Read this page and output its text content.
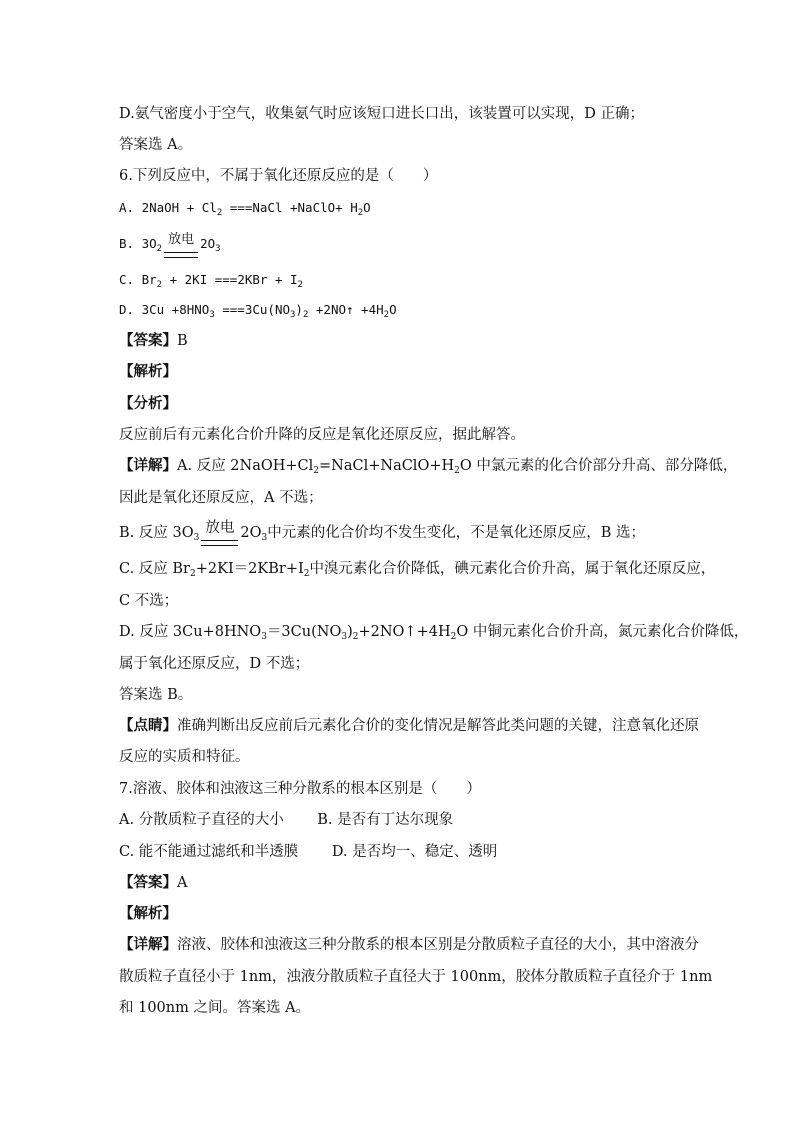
D.氨气密度小于空气，收集氨气时应该短口进长口出，该装置可以实现，D 正确；
答案选 A。
6.下列反应中，不属于氧化还原反应的是（　　）
A. 2NaOH + $Cl_2$ ===NaCl +NaClO+ $H_2O$
B. $3O_2$放电 $2O_3$
C. $Br_2 + 2KI ===2KBr + I_2$
D. $3Cu +8HNO_3 ===3Cu(NO_3)_2$ +2NO↑ $+4H_2O$
【答案】B
【解析】
【分析】
反应前后有元素化合价升降的反应是氧化还原反应，据此解答。
【详解】A. 反应 $2NaOH+Cl_2=NaCl+NaClO+H_2O$ 中氯元素的化合价部分升高、部分降低，
因此是氧化还原反应，A 不选；
B. 反应 $3O_3$放电 $2O_3$中元素的化合价均不发生变化，不是氧化还原反应，B 选；
C. 反应 $Br_2+2KI=2KBr+I_2$中溴元素化合价降低，碘元素化合价升高，属于氧化还原反应，
C 不选；
D. 反应 $3Cu+8HNO_3=3Cu(NO_3)_2+2NO↑+4H_2O$ 中铜元素化合价升高，氮元素化合价降低，
属于氧化还原反应，D 不选；
答案选 B。
【点睛】准确判断出反应前后元素化合价的变化情况是解答此类问题的关键，注意氧化还原
反应的实质和特征。
7.溶液、胶体和浊液这三种分散系的根本区别是（　　）
A. 分散质粒子直径的大小　　 B. 是否有丁达尔现象
C. 能不能通过滤纸和半透膜　　 D. 是否均一、稳定、透明
【答案】A
【解析】
【详解】溶液、胶体和浊液这三种分散系的根本区别是分散质粒子直径的大小，其中溶液分
散质粒子直径小于 1nm，浊液分散质粒子直径大于 100nm，胶体分散质粒子直径介于 1nm
和 100nm 之间。答案选 A。
